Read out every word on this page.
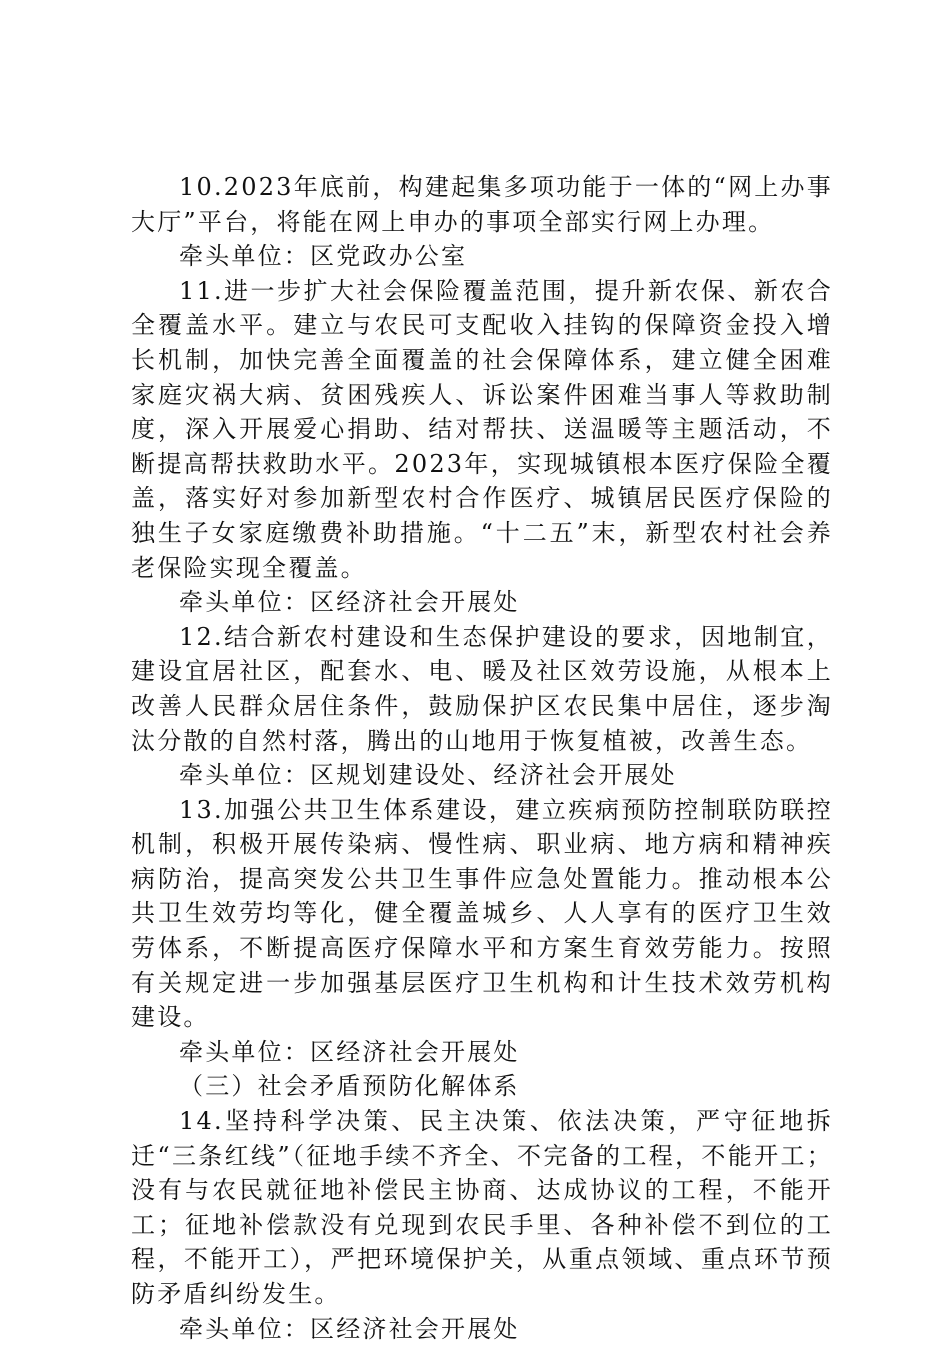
10.2023年底前，构建起集多项功能于一体的“网上办事大厅”平台，将能在网上申办的事项全部实行网上办理。

牵头单位：区党政办公室

11.进一步扩大社会保险覆盖范围，提升新农保、新农合全覆盖水平。建立与农民可支配收入挂钩的保障资金投入增长机制，加快完善全面覆盖的社会保障体系，建立健全困难家庭灾祸大病、贫困残疾人、诉讼案件困难当事人等救助制度，深入开展爱心捐助、结对帮扶、送温暖等主题活动，不断提高帮扶救助水平。2023年，实现城镇根本医疗保险全覆盖，落实好对参加新型农村合作医疗、城镇居民医疗保险的独生子女家庭缴费补助措施。“十二五”末，新型农村社会养老保险实现全覆盖。

牵头单位：区经济社会开展处

12.结合新农村建设和生态保护建设的要求，因地制宜，建设宜居社区，配套水、电、暖及社区效劳设施，从根本上改善人民群众居住条件，鼓励保护区农民集中居住，逐步淘汰分散的自然村落，腾出的山地用于恢复植被，改善生态。

牵头单位：区规划建设处、经济社会开展处

13.加强公共卫生体系建设，建立疾病预防控制联防联控机制，积极开展传染病、慢性病、职业病、地方病和精神疾病防治，提高突发公共卫生事件应急处置能力。推动根本公共卫生效劳均等化，健全覆盖城乡、人人享有的医疗卫生效劳体系，不断提高医疗保障水平和方案生育效劳能力。按照有关规定进一步加强基层医疗卫生机构和计生技术效劳机构建设。

牵头单位：区经济社会开展处

（三）社会矛盾预防化解体系

14.坚持科学决策、民主决策、依法决策，严守征地拆迁“三条红线”（征地手续不齐全、不完备的工程，不能开工；没有与农民就征地补偿民主协商、达成协议的工程，不能开工；征地补偿款没有兑现到农民手里、各种补偿不到位的工程，不能开工），严把环境保护关，从重点领域、重点环节预防矛盾纠纷发生。

牵头单位：区经济社会开展处
